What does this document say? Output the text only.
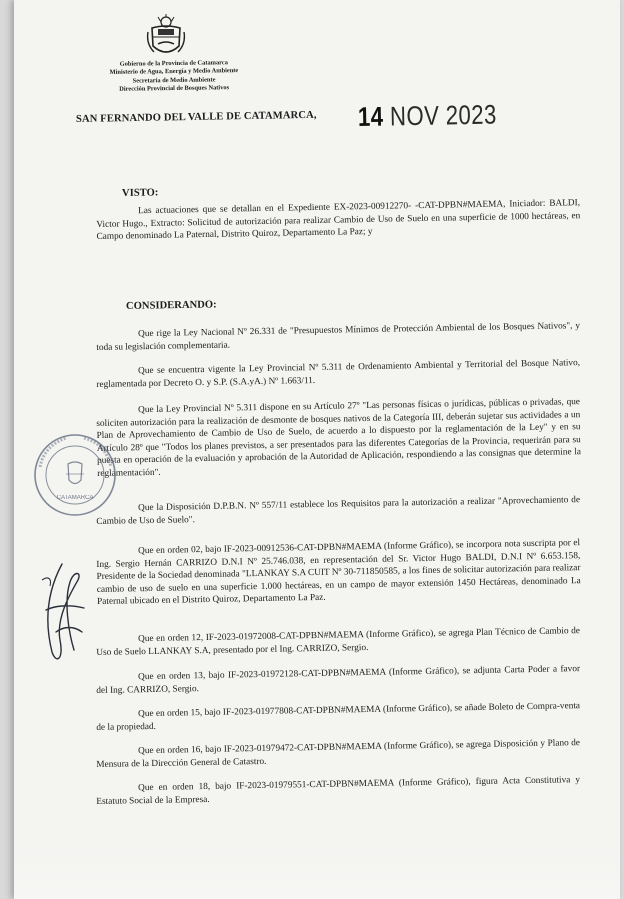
Gobierno de la Provincia de Catamarca
Ministerio de Agua, Energía y Medio Ambiente
Secretaría de Medio Ambiente
Dirección Provincial de Bosques Nativos
SAN FERNANDO DEL VALLE DE CATAMARCA, 14 NOV 2023
VISTO:
Las actuaciones que se detallan en el Expediente EX-2023-00912270- -CAT-DPBN#MAEMA, Iniciador: BALDI, Victor Hugo., Extracto: Solicitud de autorización para realizar Cambio de Uso de Suelo en una superficie de 1000 hectáreas, en Campo denominado La Paternal, Distrito Quiroz, Departamento La Paz; y
CONSIDERANDO:
Que rige la Ley Nacional Nº 26.331 de "Presupuestos Mínimos de Protección Ambiental de los Bosques Nativos", y toda su legislación complementaria.
Que se encuentra vigente la Ley Provincial Nº 5.311 de Ordenamiento Ambiental y Territorial del Bosque Nativo, reglamentada por Decreto O. y S.P. (S.A.yA.) Nº 1.663/11.
Que la Ley Provincial Nº 5.311 dispone en su Artículo 27º "Las personas físicas o jurídicas, públicas o privadas, que soliciten autorización para la realización de desmonte de bosques nativos de la Categoría III, deberán sujetar sus actividades a un Plan de Aprovechamiento de Cambio de Uso de Suelo, de acuerdo a lo dispuesto por la reglamentación de la Ley" y en su Artículo 28º que "Todos los planes previstos, a ser presentados para las diferentes Categorías de la Provincia, requerirán para su puesta en operación de la evaluación y aprobación de la Autoridad de Aplicación, respondiendo a las consignas que determine la reglamentación".
Que la Disposición D.P.B.N. Nº 557/11 establece los Requisitos para la autorización a realizar "Aprovechamiento de Cambio de Uso de Suelo".
Que en orden 02, bajo IF-2023-00912536-CAT-DPBN#MAEMA (Informe Gráfico), se incorpora nota suscripta por el Ing. Sergio Hernán CARRIZO D.N.I Nº 25.746.038, en representación del Sr. Victor Hugo BALDI, D.N.I Nº 6.653.158, Presidente de la Sociedad denominada "LLANKAY S.A CUIT Nº 30-711850585, a los fines de solicitar autorización para realizar cambio de uso de suelo en una superficie 1.000 hectáreas, en un campo de mayor extensión 1450 Hectáreas, denominado La Paternal ubicado en el Distrito Quiroz, Departamento La Paz.
Que en orden 12, IF-2023-01972008-CAT-DPBN#MAEMA (Informe Gráfico), se agrega Plan Técnico de Cambio de Uso de Suelo LLANKAY S.A, presentado por el Ing. CARRIZO, Sergio.
Que en orden 13, bajo IF-2023-01972128-CAT-DPBN#MAEMA (Informe Gráfico), se adjunta Carta Poder a favor del Ing. CARRIZO, Sergio.
Que en orden 15, bajo IF-2023-01977808-CAT-DPBN#MAEMA (Informe Gráfico), se añade Boleto de Compra-venta de la propiedad.
Que en orden 16, bajo IF-2023-01979472-CAT-DPBN#MAEMA (Informe Gráfico), se agrega Disposición y Plano de Mensura de la Dirección General de Catastro.
Que en orden 18, bajo IF-2023-01979551-CAT-DPBN#MAEMA (Informe Gráfico), figura Acta Constitutiva y Estatuto Social de la Empresa.
CATAMARCA
